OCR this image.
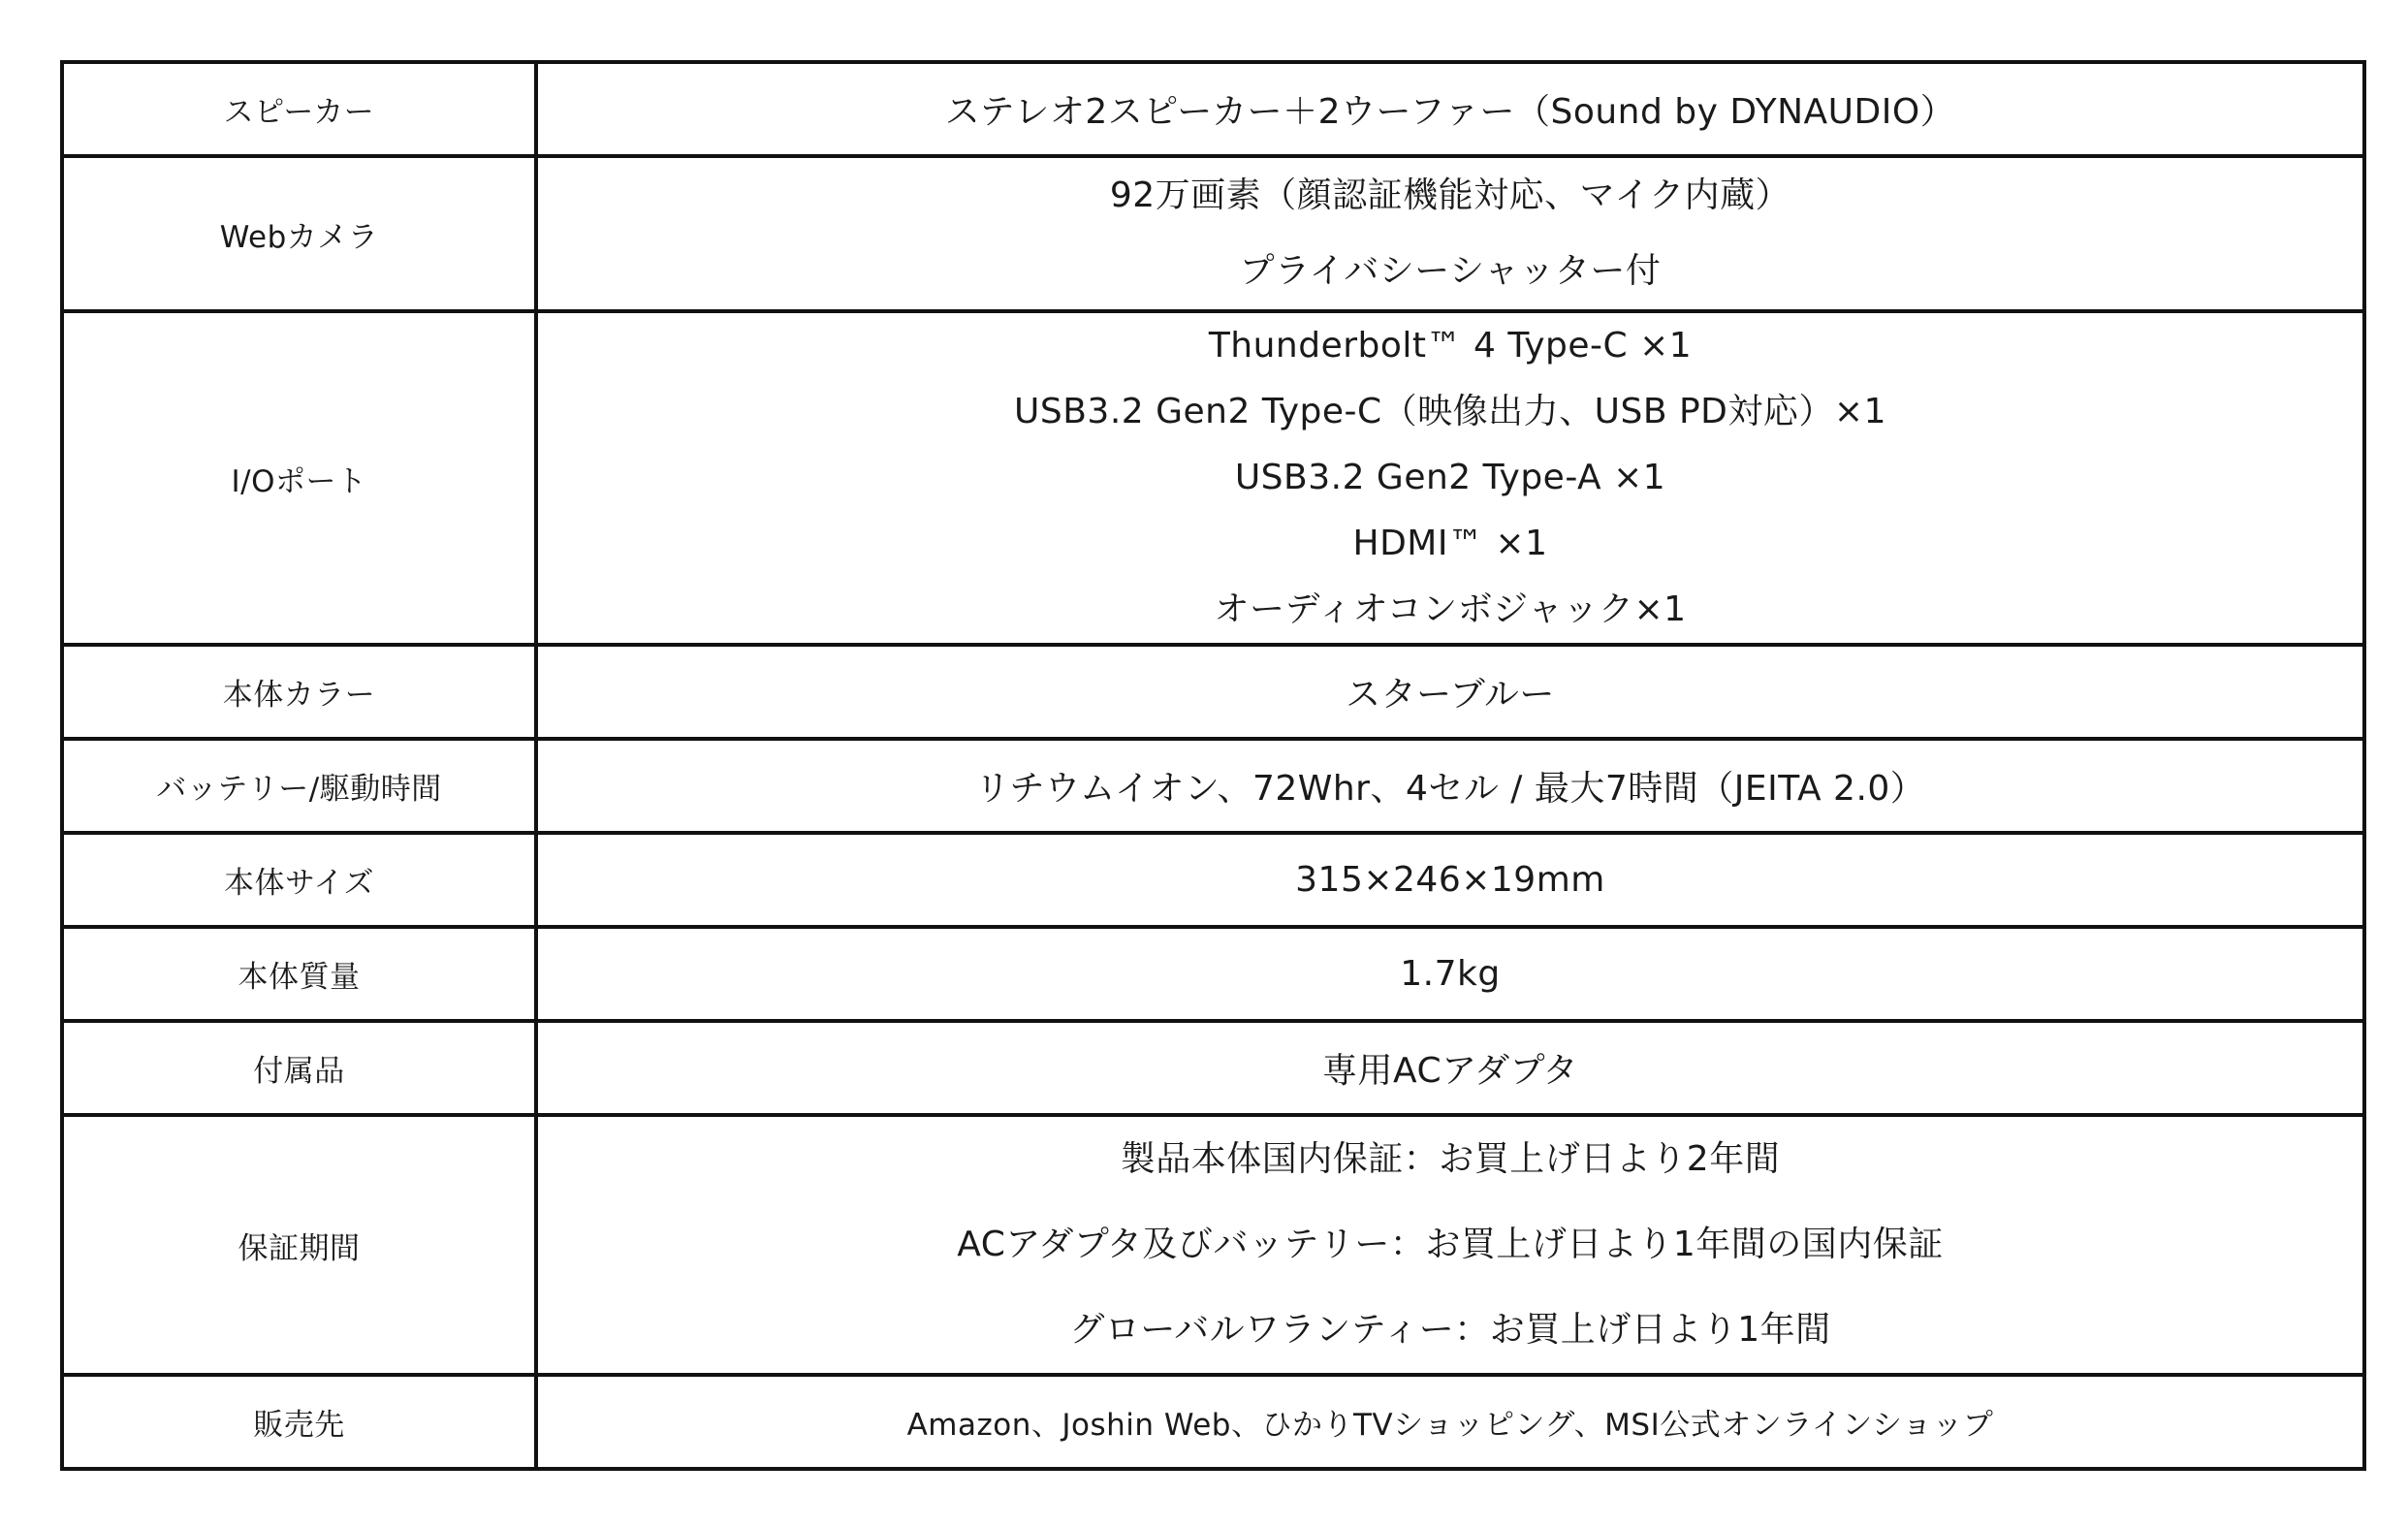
スピーカー	ステレオ2スピーカー＋2ウーファー（Sound by DYNAUDIO）

Webカメラ	92万画素（顔認証機能対応、マイク内蔵）
プライバシーシャッター付

I/Oポート	Thunderbolt™ 4 Type-C ×1
USB3.2 Gen2 Type-C（映像出力、USB PD対応）×1
USB3.2 Gen2 Type-A ×1
HDMI™ ×1
オーディオコンボジャック×1

本体カラー	スターブルー

バッテリー/駆動時間	リチウムイオン、72Whr、4セル / 最大7時間（JEITA 2.0）

本体サイズ	315×246×19mm

本体質量	1.7kg

付属品	専用ACアダプタ

保証期間	製品本体国内保証：お買上げ日より2年間
ACアダプタ及びバッテリー：お買上げ日より1年間の国内保証
グローバルワランティー：お買上げ日より1年間

販売先	Amazon、Joshin Web、ひかりTVショッピング、MSI公式オンラインショップ
